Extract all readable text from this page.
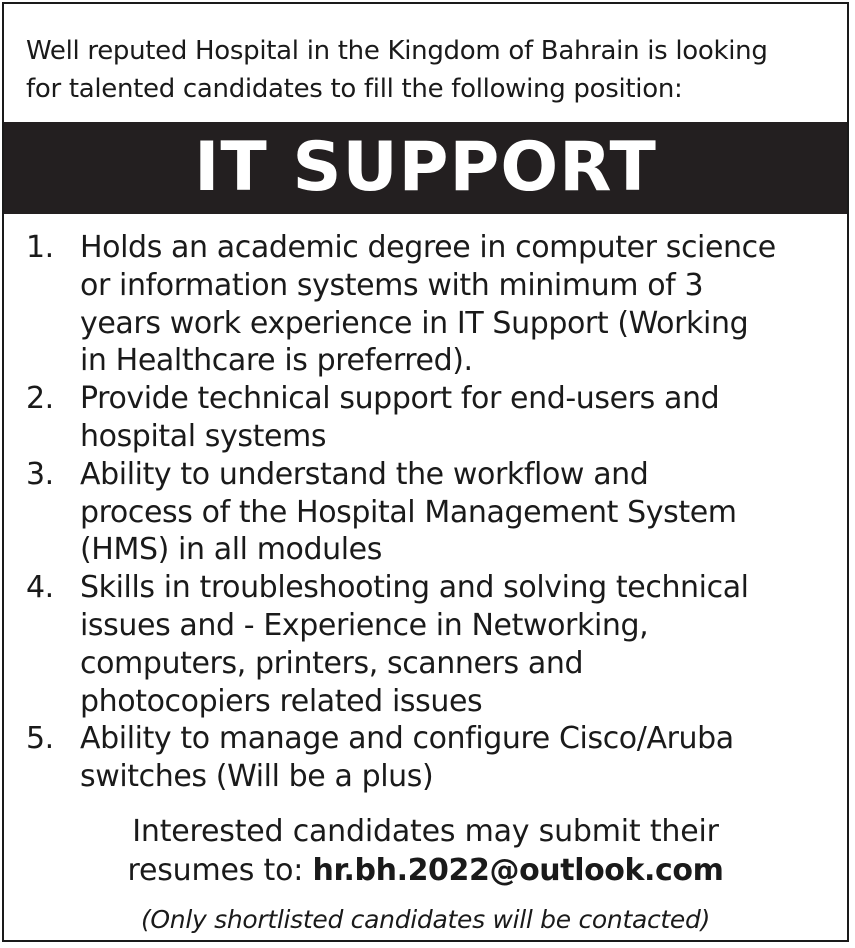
Well reputed Hospital in the Kingdom of Bahrain is looking
for talented candidates to fill the following position:

IT SUPPORT
1. Holds an academic degree in computer science
or information systems with minimum of 3
years work experience in IT Support (Working
in Healthcare is preferred).
2. Provide technical support for end-users and
hospital systems
3. Ability to understand the workflow and
process of the Hospital Management System
(HMS) in all modules
4. Skills in troubleshooting and solving technical
issues and - Experience in Networking,
computers, printers, scanners and
photocopiers related issues
5. Ability to manage and configure Cisco/Aruba
switches (Will be a plus)

Interested candidates may submit their

resumes to: hr.bh.2022@outlook.com

(Only shortlisted candidates will be contacted)
